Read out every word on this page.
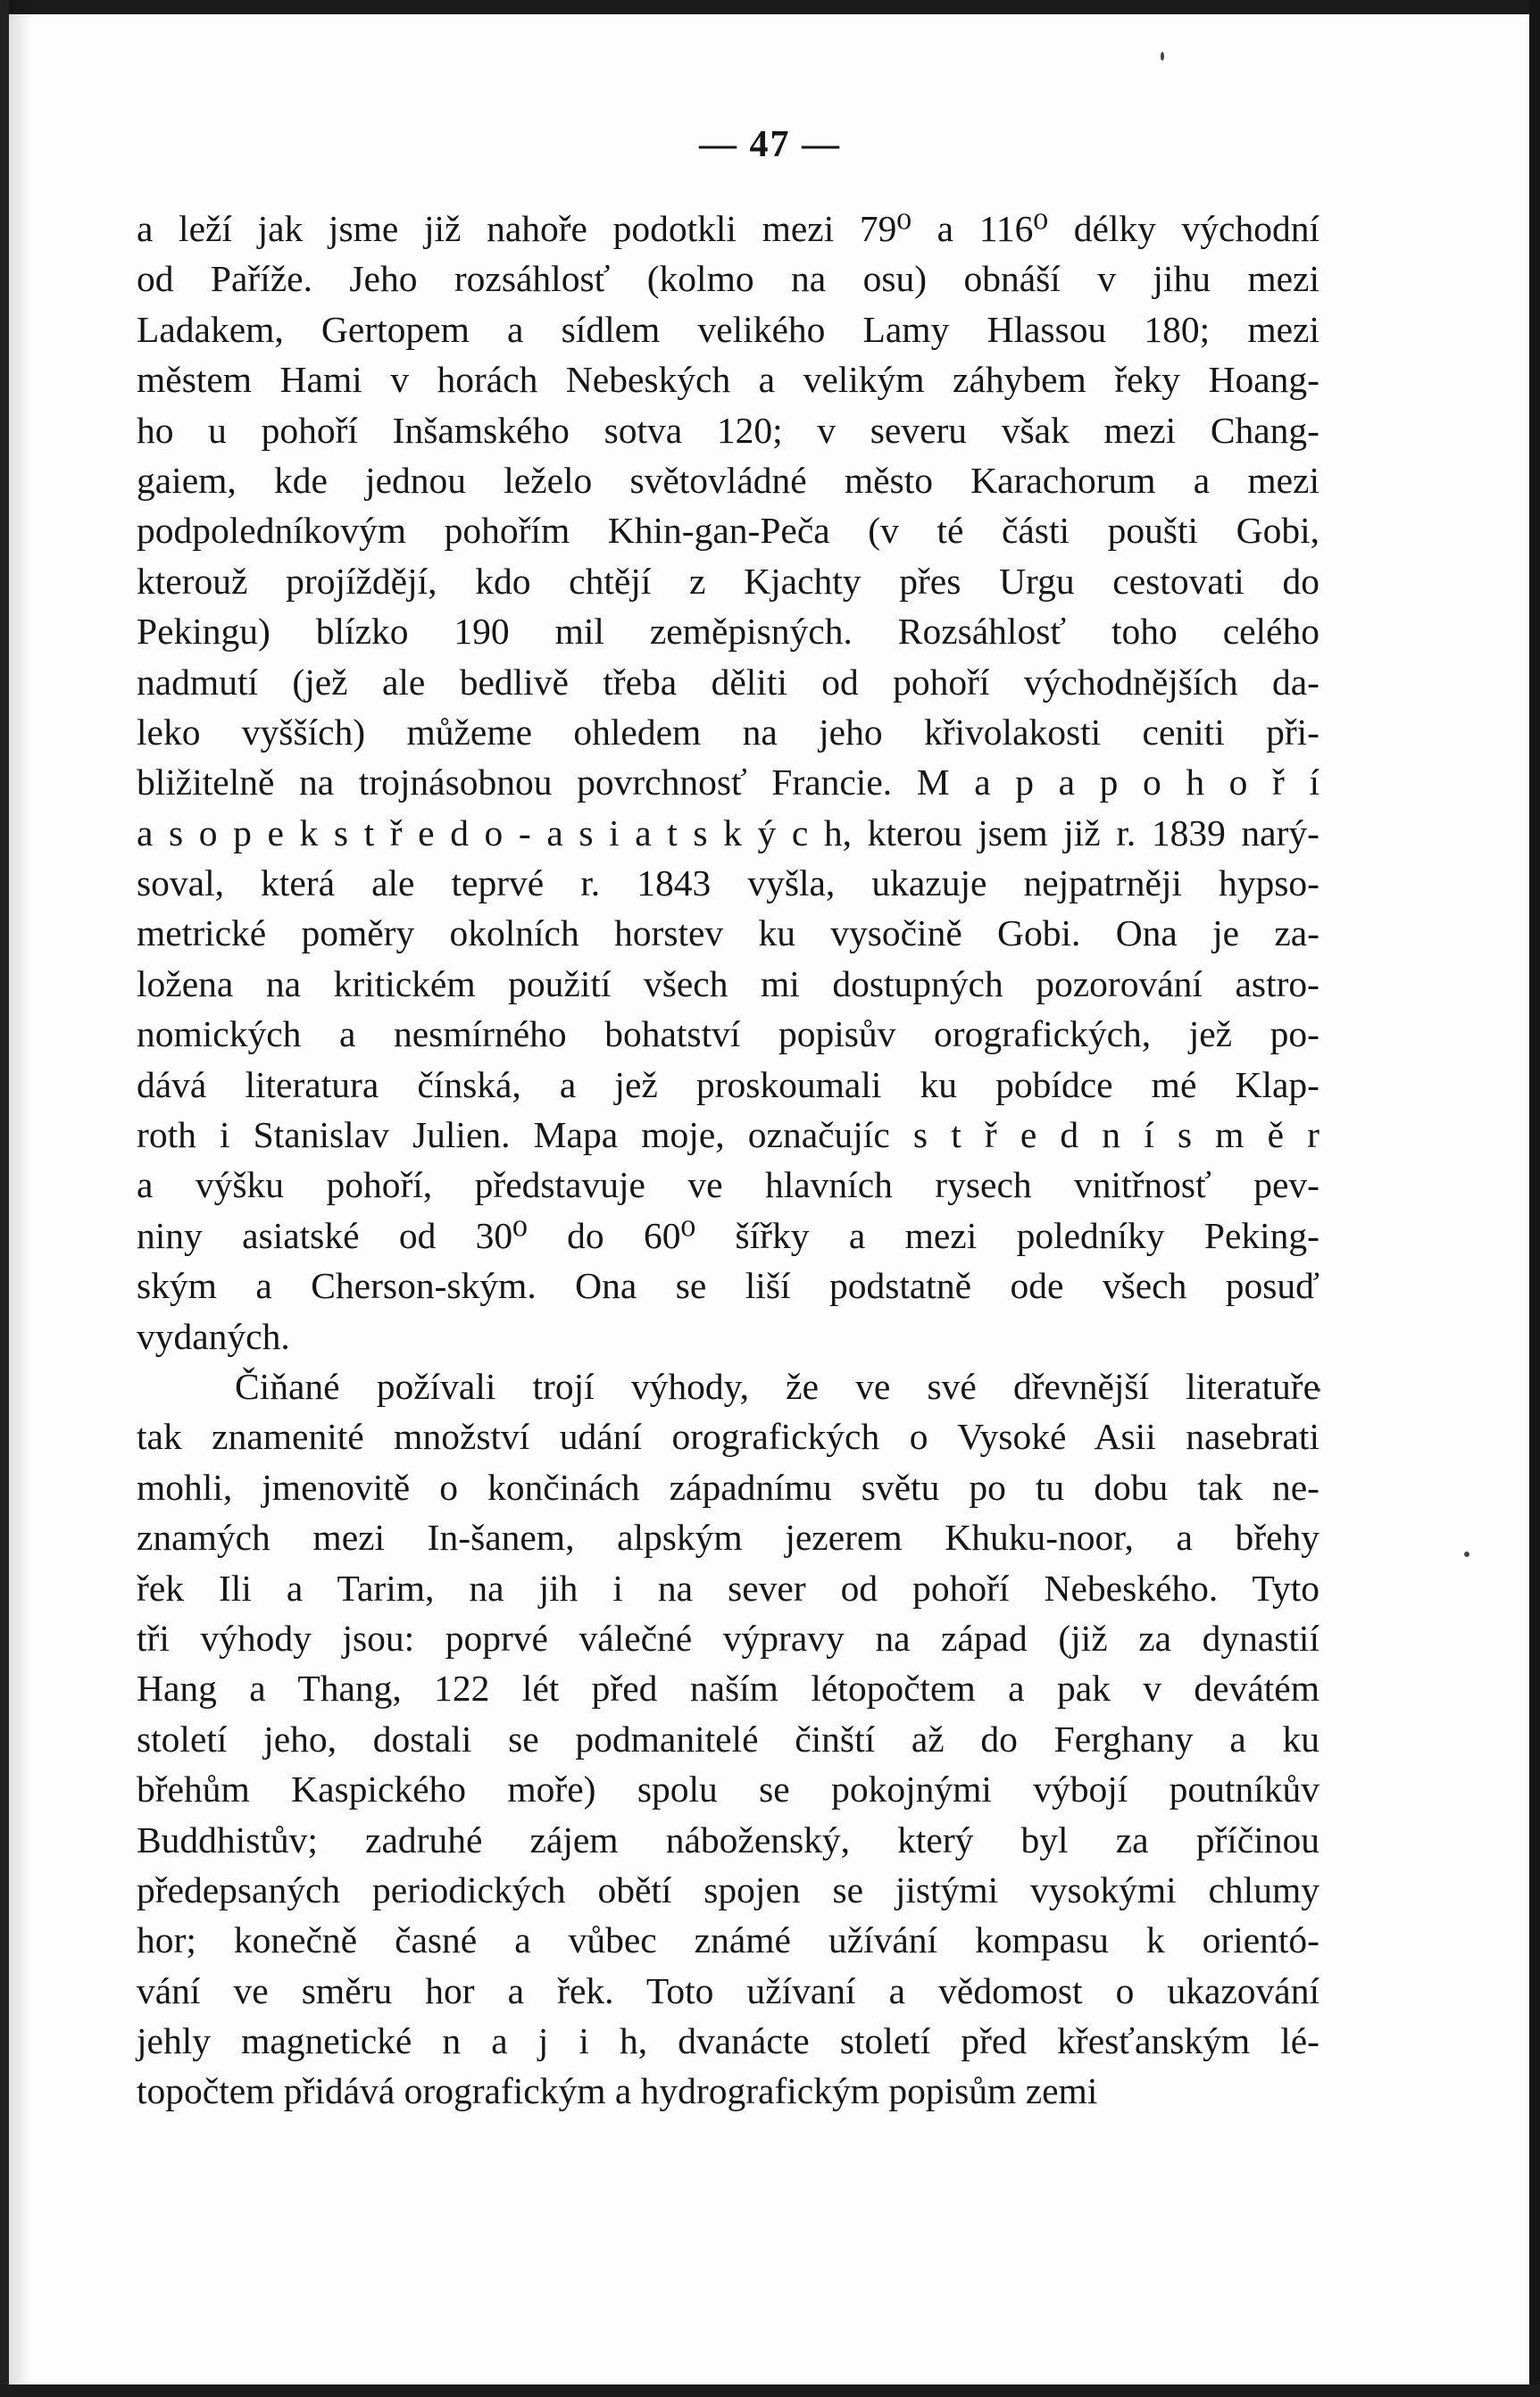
— 47 —
a leží jak jsme již nahoře podotkli mezi 79⁰ a 116⁰ délky východní
od Paříže. Jeho rozsáhlosť (kolmo na osu) obnáší v jihu mezi
Ladakem, Gertopem a sídlem velikého Lamy Hlassou 180; mezi
městem Hami v horách Nebeských a velikým záhybem řeky Hoang-
ho u pohoří Inšamského sotva 120; v severu však mezi Chang-
gaiem, kde jednou leželo světovládné město Karachorum a mezi
podpoledníkovým pohořím Khin-gan-Peča (v té části poušti Gobi,
kterouž projíždějí, kdo chtějí z Kjachty přes Urgu cestovati do
Pekingu) blízko 190 mil zeměpisných. Rozsáhlosť toho celého
nadmutí (jež ale bedlivě třeba děliti od pohoří východnějších da-
leko vyšších) můžeme ohledem na jeho křivolakosti ceniti při-
bližitelně na trojnásobnou povrchnosť Francie. M a p a p o h o ř í
a s o p e k s t ř e d o - a s i a t s k ý c h, kterou jsem již r. 1839 narý-
soval, která ale teprvé r. 1843 vyšla, ukazuje nejpatrněji hypso-
metrické poměry okolních horstev ku vysočině Gobi. Ona je za-
ložena na kritickém použití všech mi dostupných pozorování astro-
nomických a nesmírného bohatství popisův orografických, jež po-
dává literatura čínská, a jež proskoumali ku pobídce mé Klap-
roth i Stanislav Julien. Mapa moje, označujíc s t ř e d n í s m ě r
a výšku pohoří, představuje ve hlavních rysech vnitřnosť pev-
niny asiatské od 30⁰ do 60⁰ šířky a mezi poledníky Peking-
ským a Cherson-ským. Ona se liší podstatně ode všech posuď
vydaných.
Čiňané požívali trojí výhody, že ve své dřevnější literatuře
tak znamenité množství udání orografických o Vysoké Asii nasebrati
mohli, jmenovitě o končinách západnímu světu po tu dobu tak ne-
znamých mezi In-šanem, alpským jezerem Khuku-noor, a břehy
řek Ili a Tarim, na jih i na sever od pohoří Nebeského. Tyto
tři výhody jsou: poprvé válečné výpravy na západ (již za dynastií
Hang a Thang, 122 lét před naším létopočtem a pak v devátém
století jeho, dostali se podmanitelé činští až do Ferghany a ku
břehům Kaspického moře) spolu se pokojnými výbojí poutníkův
Buddhistův; zadruhé zájem náboženský, který byl za příčinou
předepsaných periodických obětí spojen se jistými vysokými chlumy
hor; konečně časné a vůbec známé užívání kompasu k orientó-
vání ve směru hor a řek. Toto užívaní a vědomost o ukazování
jehly magnetické n a j i h, dvanácte století před křesťanským lé-
topočtem přidává orografickým a hydrografickým popisům zemi
